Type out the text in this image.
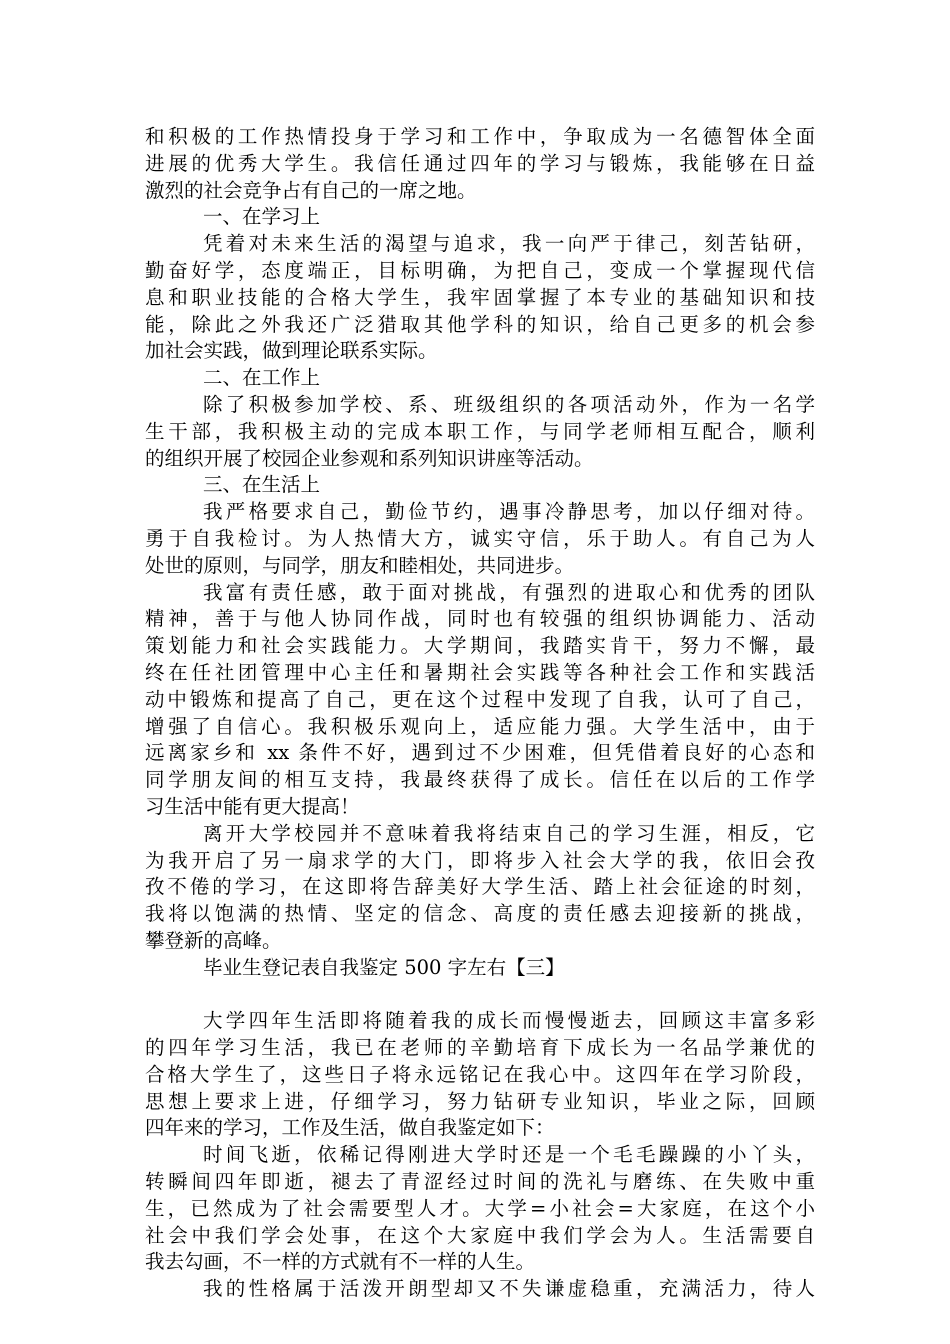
和积极的工作热情投身于学习和工作中，争取成为一名德智体全面
进展的优秀大学生。我信任通过四年的学习与锻炼，我能够在日益
激烈的社会竞争占有自己的一席之地。
一、在学习上
凭着对未来生活的渴望与追求，我一向严于律己，刻苦钻研，
勤奋好学，态度端正，目标明确，为把自己，变成一个掌握现代信
息和职业技能的合格大学生，我牢固掌握了本专业的基础知识和技
能，除此之外我还广泛猎取其他学科的知识，给自己更多的机会参
加社会实践，做到理论联系实际。
二、在工作上
除了积极参加学校、系、班级组织的各项活动外，作为一名学
生干部，我积极主动的完成本职工作，与同学老师相互配合，顺利
的组织开展了校园企业参观和系列知识讲座等活动。
三、在生活上
我严格要求自己，勤俭节约，遇事冷静思考，加以仔细对待。
勇于自我检讨。为人热情大方，诚实守信，乐于助人。有自己为人
处世的原则，与同学，朋友和睦相处，共同进步。
我富有责任感，敢于面对挑战，有强烈的进取心和优秀的团队
精神，善于与他人协同作战，同时也有较强的组织协调能力、活动
策划能力和社会实践能力。大学期间，我踏实肯干，努力不懈，最
终在任社团管理中心主任和暑期社会实践等各种社会工作和实践活
动中锻炼和提高了自己，更在这个过程中发现了自我，认可了自己，
增强了自信心。我积极乐观向上，适应能力强。大学生活中，由于
远离家乡和 xx 条件不好，遇到过不少困难，但凭借着良好的心态和
同学朋友间的相互支持，我最终获得了成长。信任在以后的工作学
习生活中能有更大提高！
离开大学校园并不意味着我将结束自己的学习生涯，相反，它
为我开启了另一扇求学的大门，即将步入社会大学的我，依旧会孜
孜不倦的学习，在这即将告辞美好大学生活、踏上社会征途的时刻，
我将以饱满的热情、坚定的信念、高度的责任感去迎接新的挑战，
攀登新的高峰。
毕业生登记表自我鉴定 500 字左右【三】
大学四年生活即将随着我的成长而慢慢逝去，回顾这丰富多彩
的四年学习生活，我已在老师的辛勤培育下成长为一名品学兼优的
合格大学生了，这些日子将永远铭记在我心中。这四年在学习阶段，
思想上要求上进，仔细学习，努力钻研专业知识，毕业之际，回顾
四年来的学习，工作及生活，做自我鉴定如下：
时间飞逝，依稀记得刚进大学时还是一个毛毛躁躁的小丫头，
转瞬间四年即逝，褪去了青涩经过时间的洗礼与磨练、在失败中重
生，已然成为了社会需要型人才。大学=小社会=大家庭，在这个小
社会中我们学会处事，在这个大家庭中我们学会为人。生活需要自
我去勾画，不一样的方式就有不一样的人生。
我的性格属于活泼开朗型却又不失谦虚稳重，充满活力，待人
